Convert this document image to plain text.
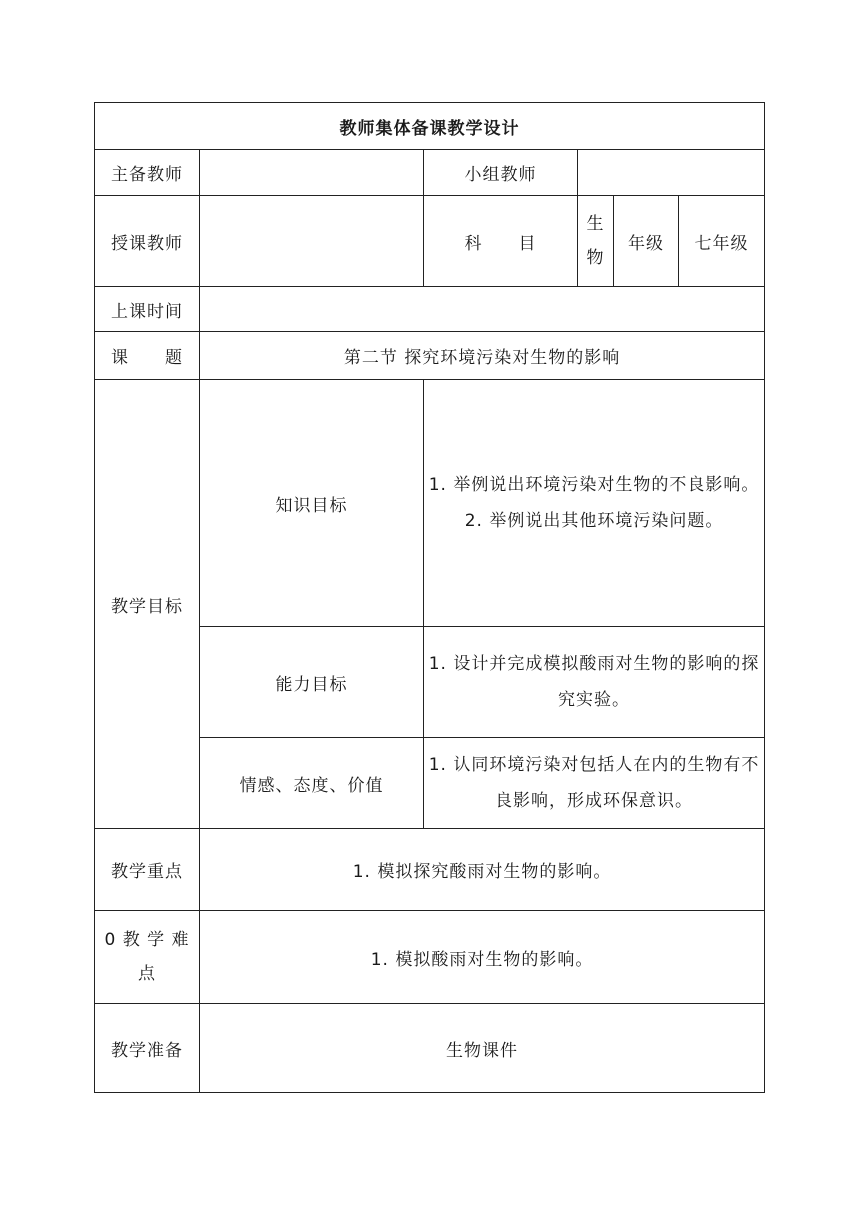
教师集体备课教学设计					
主备教师		小组教师			
授课教师		科　　目	生物	年级	七年级
上课时间					
课　　题	第二节 探究环境污染对生物的影响				
教学目标	知识目标	1. 举例说出环境污染对生物的不良影响。

2. 举例说出其他环境污染问题。			

	能力目标	1. 设计并完成模拟酸雨对生物的影响的探究实验。			

	情感、态度、价值	1. 认同环境污染对包括人在内的生物有不良影响，形成环保意识。			

教学重点	1. 模拟探究酸雨对生物的影响。				
0 教 学 难 点	1. 模拟酸雨对生物的影响。				
教学准备	生物课件				
